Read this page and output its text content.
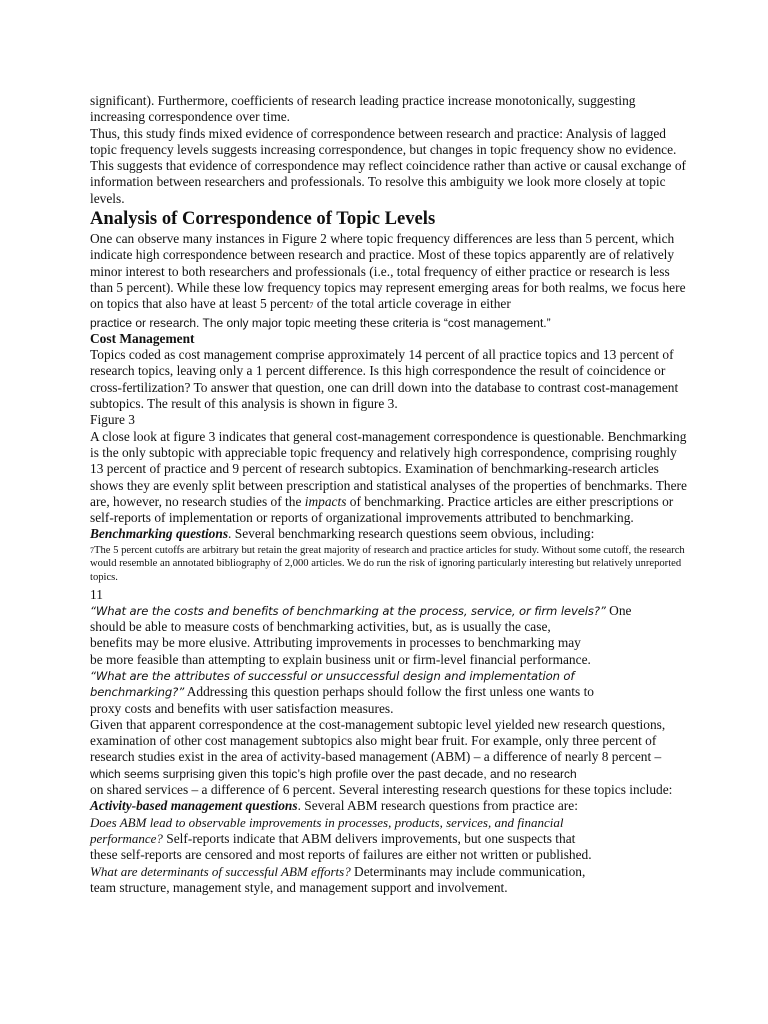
significant). Furthermore, coefficients of research leading practice increase monotonically, suggesting increasing correspondence over time.

Thus, this study finds mixed evidence of correspondence between research and practice: Analysis of lagged topic frequency levels suggests increasing correspondence, but changes in topic frequency show no evidence. This suggests that evidence of correspondence may reflect coincidence rather than active or causal exchange of information between researchers and professionals. To resolve this ambiguity we look more closely at topic levels.

Analysis of Correspondence of Topic Levels

One can observe many instances in Figure 2 where topic frequency differences are less than 5 percent, which indicate high correspondence between research and practice. Most of these topics apparently are of relatively minor interest to both researchers and professionals (i.e., total frequency of either practice or research is less than 5 percent). While these low frequency topics may represent emerging areas for both realms, we focus here on topics that also have at least 5 percent7 of the total article coverage in either
practice or research. The only major topic meeting these criteria is “cost management.”

Cost Management

Topics coded as cost management comprise approximately 14 percent of all practice topics and 13 percent of research topics, leaving only a 1 percent difference. Is this high correspondence the result of coincidence or cross-fertilization? To answer that question, one can drill down into the database to contrast cost-management subtopics. The result of this analysis is shown in figure 3.

Figure 3

A close look at figure 3 indicates that general cost-management correspondence is questionable. Benchmarking is the only subtopic with appreciable topic frequency and relatively high correspondence, comprising roughly 13 percent of practice and 9 percent of research subtopics. Examination of benchmarking-research articles shows they are evenly split between prescription and statistical analyses of the properties of benchmarks. There are, however, no research studies of the impacts of benchmarking. Practice articles are either prescriptions or self-reports of implementation or reports of organizational improvements attributed to benchmarking.

Benchmarking questions. Several benchmarking research questions seem obvious, including:

7The 5 percent cutoffs are arbitrary but retain the great majority of research and practice articles for study. Without some cutoff, the research would resemble an annotated bibliography of 2,000 articles. We do run the risk of ignoring particularly interesting but relatively unreported topics.

11

“What are the costs and benefits of benchmarking at the process, service, or firm levels?” One
should be able to measure costs of benchmarking activities, but, as is usually the case,
benefits may be more elusive. Attributing improvements in processes to benchmarking may
be more feasible than attempting to explain business unit or firm-level financial performance.

“What are the attributes of successful or unsuccessful design and implementation of
benchmarking?” Addressing this question perhaps should follow the first unless one wants to
proxy costs and benefits with user satisfaction measures.

Given that apparent correspondence at the cost-management subtopic level yielded new research questions, examination of other cost management subtopics also might bear fruit. For example, only three percent of research studies exist in the area of activity-based management (ABM) – a difference of nearly 8 percent – which seems surprising given this topic’s high profile over the past decade, and no research
on shared services – a difference of 6 percent. Several interesting research questions for these topics include:

Activity-based management questions. Several ABM research questions from practice are:

Does ABM lead to observable improvements in processes, products, services, and financial
performance? Self-reports indicate that ABM delivers improvements, but one suspects that
these self-reports are censored and most reports of failures are either not written or published.

What are determinants of successful ABM efforts? Determinants may include communication,
team structure, management style, and management support and involvement.
